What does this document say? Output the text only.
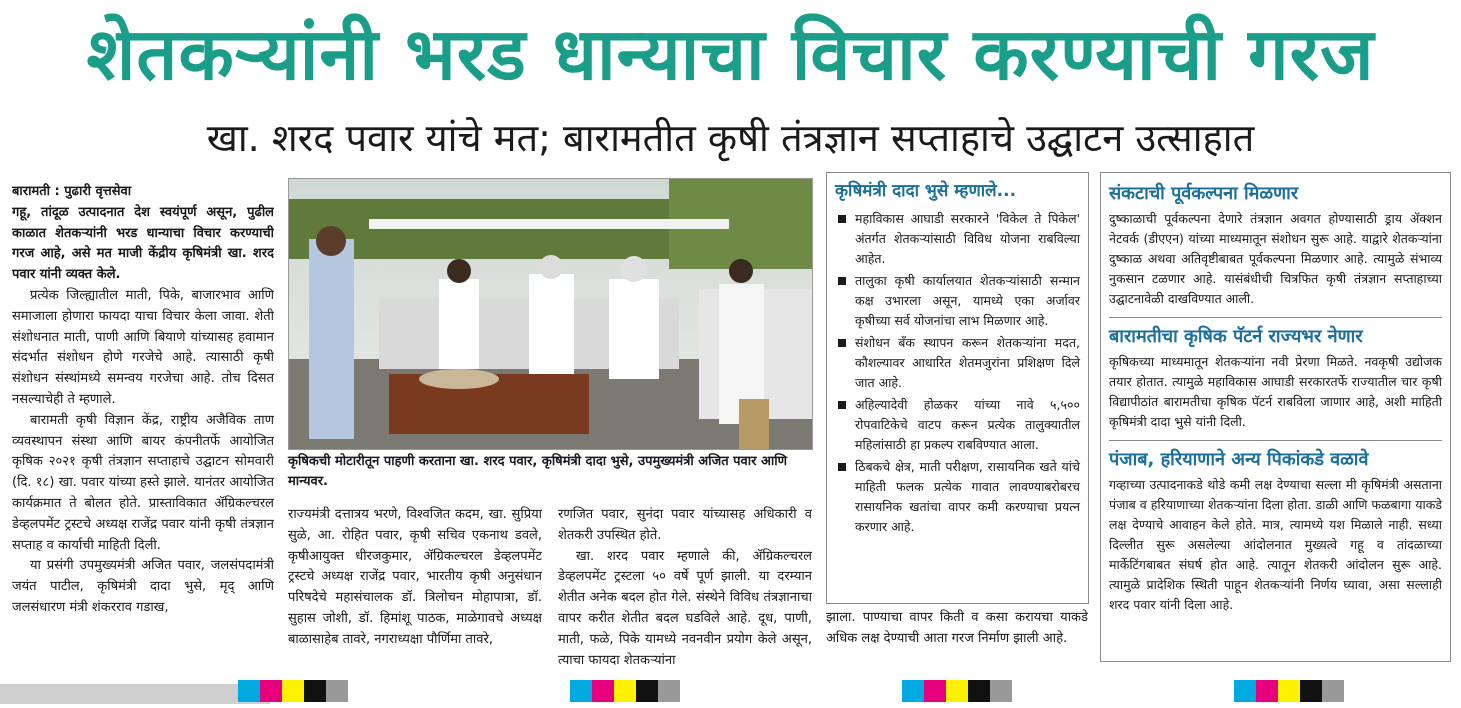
शेतकऱ्यांनी भरड धान्याचा विचार करण्याची गरज
खा. शरद पवार यांचे मत; बारामतीत कृषी तंत्रज्ञान सप्ताहाचे उद्घाटन उत्साहात

बारामती : पुढारी वृत्तसेवा

गहू, तांदूळ उत्पादनात देश स्वयंपूर्ण असून, पुढील काळात शेतकऱ्यांनी भरड धान्याचा विचार करण्याची गरज आहे, असे मत माजी केंद्रीय कृषिमंत्री खा. शरद पवार यांनी व्यक्त केले.

प्रत्येक जिल्ह्यातील माती, पिके, बाजारभाव आणि समाजाला होणारा फायदा याचा विचार केला जावा. शेती संशोधनात माती, पाणी आणि बियाणे यांच्यासह हवामान संदर्भात संशोधन होणे गरजेचे आहे. त्यासाठी कृषी संशोधन संस्थांमध्ये समन्वय गरजेचा आहे. तोच दिसत नसल्याचेही ते म्हणाले.

बारामती कृषी विज्ञान केंद्र, राष्ट्रीय अजैविक ताण व्यवस्थापन संस्था आणि बायर कंपनीतर्फे आयोजित कृषिक २०२१ कृषी तंत्रज्ञान सप्ताहाचे उद्घाटन सोमवारी (दि. १८) खा. पवार यांच्या हस्ते झाले. यानंतर आयोजित कार्यक्रमात ते बोलत होते. प्रास्ताविकात ॲग्रिकल्चरल डेव्हलपमेंट ट्रस्टचे अध्यक्ष राजेंद्र पवार यांनी कृषी तंत्रज्ञान सप्ताह व कार्याची माहिती दिली.

या प्रसंगी उपमुख्यमंत्री अजित पवार, जलसंपदामंत्री जयंत पाटील, कृषिमंत्री दादा भुसे, मृद् आणि जलसंधारण मंत्री शंकरराव गडाख,

कृषिकची मोटारीतून पाहणी करताना खा. शरद पवार, कृषिमंत्री दादा भुसे, उपमुख्यमंत्री अजित पवार आणि मान्यवर.

राज्यमंत्री दत्तात्रय भरणे, विश्वजित कदम, खा. सुप्रिया सुळे, आ. रोहित पवार, कृषी सचिव एकनाथ डवले, कृषीआयुक्त धीरजकुमार, ॲग्रिकल्चरल डेव्हलपमेंट ट्रस्टचे अध्यक्ष राजेंद्र पवार, भारतीय कृषी अनुसंधान परिषदेचे महासंचालक डॉ. त्रिलोचन मोहापात्रा, डॉ. सुहास जोशी, डॉ. हिमांशू पाठक, माळेगावचे अध्यक्ष बाळासाहेब तावरे, नगराध्यक्षा पौर्णिमा तावरे,

रणजित पवार, सुनंदा पवार यांच्यासह अधिकारी व शेतकरी उपस्थित होते.

खा. शरद पवार म्हणाले की, ॲग्रिकल्चरल डेव्हलपमेंट ट्रस्टला ५० वर्षे पूर्ण झाली. या दरम्यान शेतीत अनेक बदल होत गेले. संस्थेने विविध तंत्रज्ञानाचा वापर करीत शेतीत बदल घडविले आहे. दूध, पाणी, माती, फळे, पिके यामध्ये नवनवीन प्रयोग केले असून, त्याचा फायदा शेतकऱ्यांना

कृषिमंत्री दादा भुसे म्हणाले...
महाविकास आघाडी सरकारने 'विकेल ते पिकेल' अंतर्गत शेतकऱ्यांसाठी विविध योजना राबविल्या आहेत.
तालुका कृषी कार्यालयात शेतकऱ्यांसाठी सन्मान कक्ष उभारला असून, यामध्ये एका अर्जावर कृषीच्या सर्व योजनांचा लाभ मिळणार आहे.
संशोधन बँक स्थापन करून शेतकऱ्यांना मदत, कौशल्यावर आधारित शेतमजुरांना प्रशिक्षण दिले जात आहे.
अहिल्यादेवी होळकर यांच्या नावे ५,५०० रोपवाटिकेचे वाटप करून प्रत्येक तालुक्यातील महिलांसाठी हा प्रकल्प राबविण्यात आला.
ठिबकचे क्षेत्र, माती परीक्षण, रासायनिक खते यांचे माहिती फलक प्रत्येक गावात लावण्याबरोबरच रासायनिक खतांचा वापर कमी करण्याचा प्रयत्न करणार आहे.

झाला. पाण्याचा वापर किती व कसा करायचा याकडे अधिक लक्ष देण्याची आता गरज निर्माण झाली आहे.

संकटाची पूर्वकल्पना मिळणार

दुष्काळाची पूर्वकल्पना देणारे तंत्रज्ञान अवगत होण्यासाठी ड्राय ॲक्शन नेटवर्क (डीएएन) यांच्या माध्यमातून संशोधन सुरू आहे. याद्वारे शेतकऱ्यांना दुष्काळ अथवा अतिवृष्टीबाबत पूर्वकल्पना मिळणार आहे. त्यामुळे संभाव्य नुकसान टळणार आहे. यासंबंधीची चित्रफित कृषी तंत्रज्ञान सप्ताहाच्या उद्घाटनावेळी दाखविण्यात आली.

बारामतीचा कृषिक पॅटर्न राज्यभर नेणार

कृषिकच्या माध्यमातून शेतकऱ्यांना नवी प्रेरणा मिळते. नवकृषी उद्योजक तयार होतात. त्यामुळे महाविकास आघाडी सरकारतर्फे राज्यातील चार कृषी विद्यापीठांत बारामतीचा कृषिक पॅटर्न राबविला जाणार आहे, अशी माहिती कृषिमंत्री दादा भुसे यांनी दिली.

पंजाब, हरियाणाने अन्य पिकांकडे वळावे

गव्हाच्या उत्पादनाकडे थोडे कमी लक्ष देण्याचा सल्ला मी कृषिमंत्री असताना पंजाब व हरियाणाच्या शेतकऱ्यांना दिला होता. डाळी आणि फळबागा याकडे लक्ष देण्याचे आवाहन केले होते. मात्र, त्यामध्ये यश मिळाले नाही. सध्या दिल्लीत सुरू असलेल्या आंदोलनात मुख्यत्वे गहू व तांदळाच्या मार्केटिंगबाबत संघर्ष होत आहे. त्यातून शेतकरी आंदोलन सुरू आहे. त्यामुळे प्रादेशिक स्थिती पाहून शेतकऱ्यांनी निर्णय घ्यावा, असा सल्लाही शरद पवार यांनी दिला आहे.
